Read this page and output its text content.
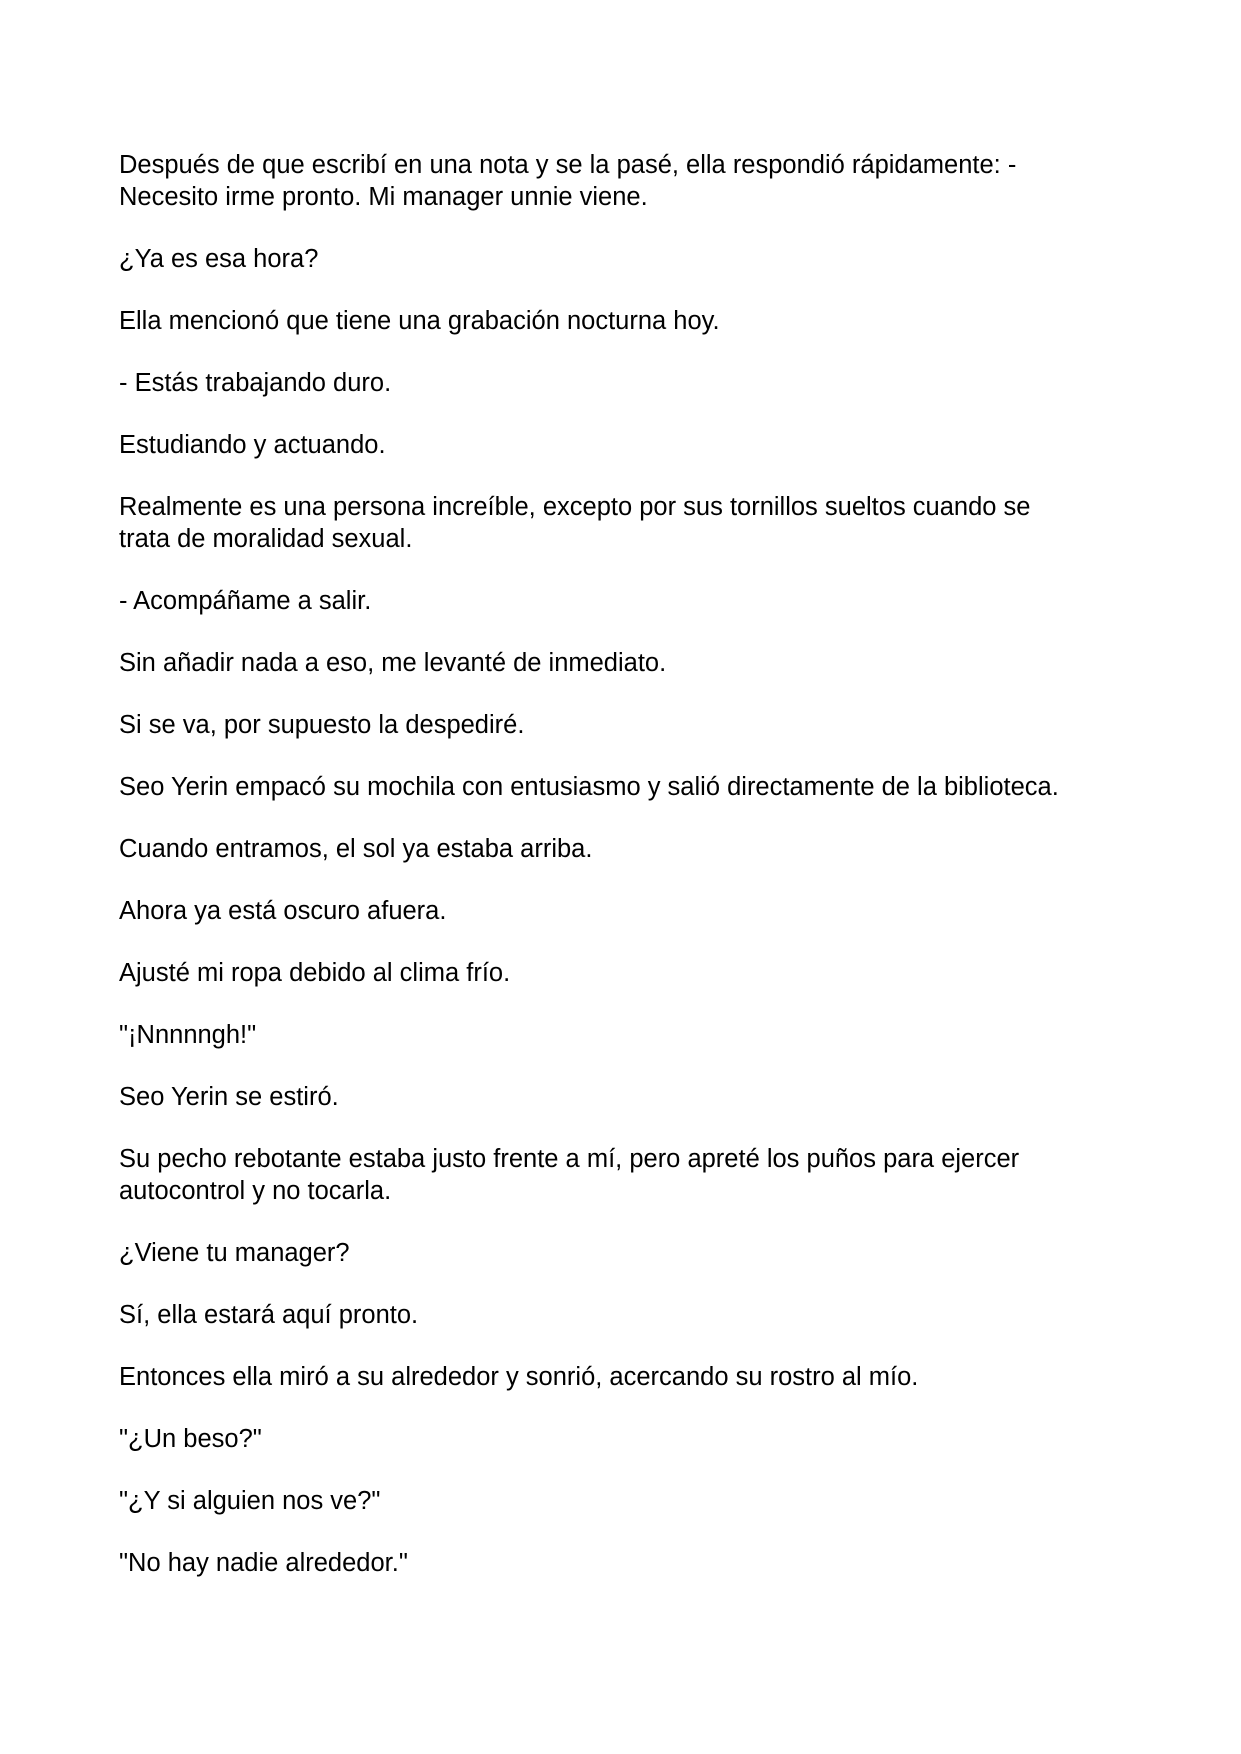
Después de que escribí en una nota y se la pasé, ella respondió rápidamente: -
Necesito irme pronto. Mi manager unnie viene.

¿Ya es esa hora?

Ella mencionó que tiene una grabación nocturna hoy.

- Estás trabajando duro.

Estudiando y actuando.

Realmente es una persona increíble, excepto por sus tornillos sueltos cuando se
trata de moralidad sexual.

- Acompáñame a salir.

Sin añadir nada a eso, me levanté de inmediato.

Si se va, por supuesto la despediré.

Seo Yerin empacó su mochila con entusiasmo y salió directamente de la biblioteca.

Cuando entramos, el sol ya estaba arriba.

Ahora ya está oscuro afuera.

Ajusté mi ropa debido al clima frío.

"¡Nnnnngh!"

Seo Yerin se estiró.

Su pecho rebotante estaba justo frente a mí, pero apreté los puños para ejercer
autocontrol y no tocarla.

¿Viene tu manager?

Sí, ella estará aquí pronto.

Entonces ella miró a su alrededor y sonrió, acercando su rostro al mío.

"¿Un beso?"

"¿Y si alguien nos ve?"

"No hay nadie alrededor."
